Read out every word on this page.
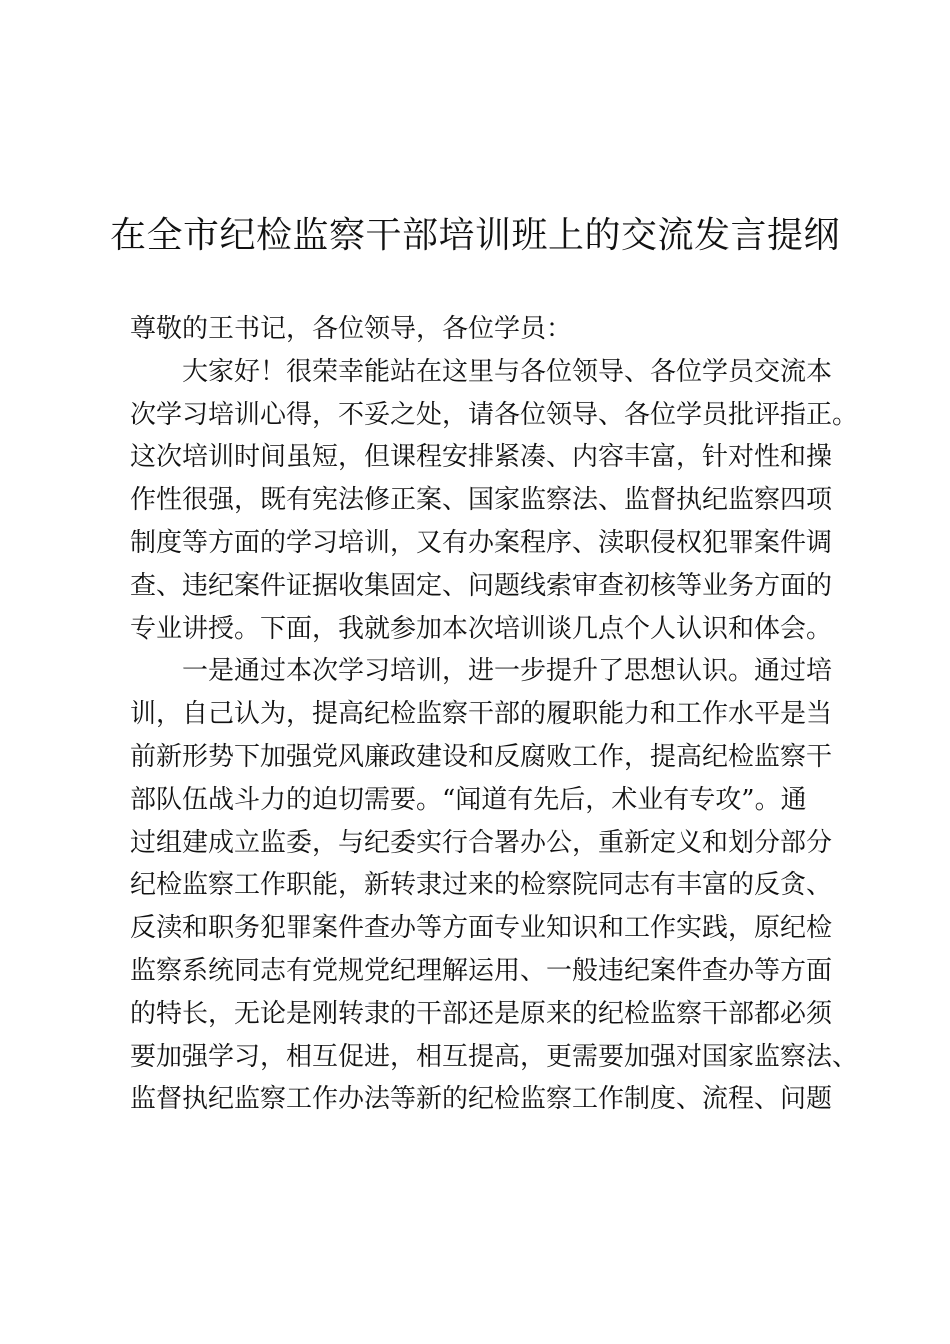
在全市纪检监察干部培训班上的交流发言提纲
尊敬的王书记，各位领导，各位学员：
大家好！很荣幸能站在这里与各位领导、各位学员交流本
次学习培训心得，不妥之处，请各位领导、各位学员批评指正。
这次培训时间虽短，但课程安排紧凑、内容丰富，针对性和操
作性很强，既有宪法修正案、国家监察法、监督执纪监察四项
制度等方面的学习培训，又有办案程序、渎职侵权犯罪案件调
查、违纪案件证据收集固定、问题线索审查初核等业务方面的
专业讲授。下面，我就参加本次培训谈几点个人认识和体会。
一是通过本次学习培训，进一步提升了思想认识。通过培
训，自己认为，提高纪检监察干部的履职能力和工作水平是当
前新形势下加强党风廉政建设和反腐败工作，提高纪检监察干
部队伍战斗力的迫切需要。“闻道有先后，术业有专攻”。通
过组建成立监委，与纪委实行合署办公，重新定义和划分部分
纪检监察工作职能，新转隶过来的检察院同志有丰富的反贪、
反渎和职务犯罪案件查办等方面专业知识和工作实践，原纪检
监察系统同志有党规党纪理解运用、一般违纪案件查办等方面
的特长，无论是刚转隶的干部还是原来的纪检监察干部都必须
要加强学习，相互促进，相互提高，更需要加强对国家监察法、
监督执纪监察工作办法等新的纪检监察工作制度、流程、问题
